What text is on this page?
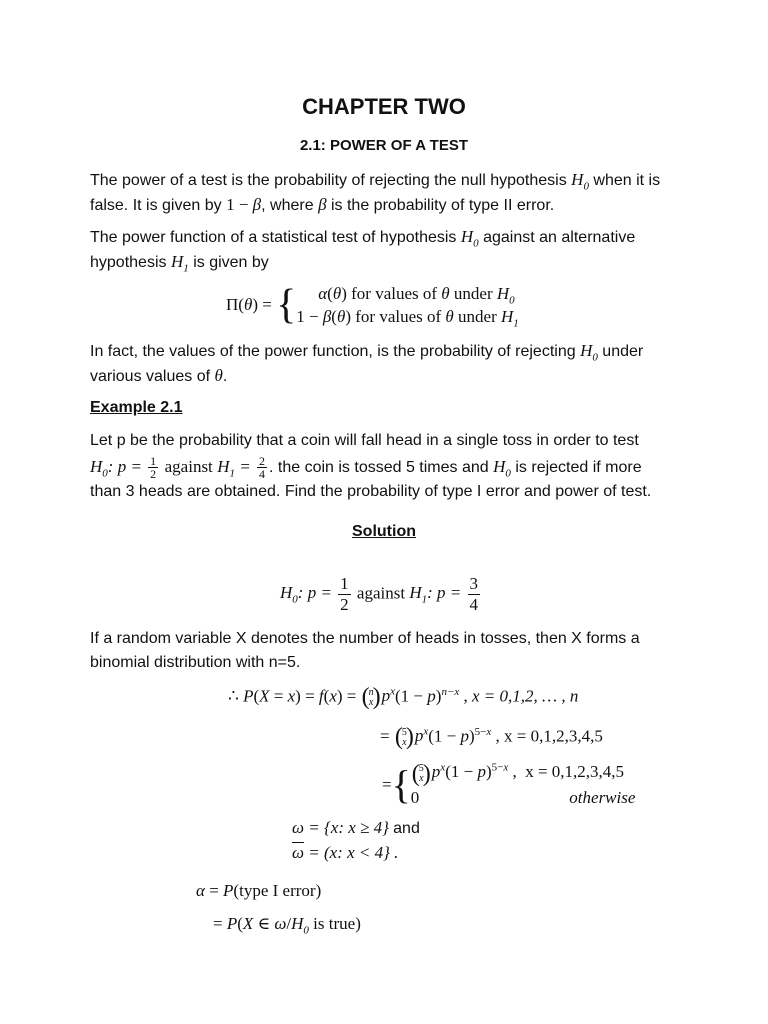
CHAPTER TWO
2.1: POWER OF A TEST
The power of a test is the probability of rejecting the null hypothesis $H_0$ when it is
false. It is given by 1 − β, where β is the probability of type II error.
The power function of a statistical test of hypothesis $H_0$ against an alternative
hypothesis $H_1$ is given by
Π(θ) = {	α(θ) for values of θ under $H_0$
1 − β(θ) for values of θ under $H_1$
In fact, the values of the power function, is the probability of rejecting $H_0$ under
various values of θ.
Example 2.1
Let p be the probability that a coin will fall head in a single toss in order to test
$H_0$: $p = \frac{1}{2}$ against $H_1 = \frac{2}{4}$ . the coin is tossed 5 times and $H_0$ is rejected if more
than 3 heads are obtained. Find the probability of type I error and power of test.
Solution
$H_0$: $p = \frac{1}{2}$ against $H_1$: $p = \frac{3}{4}$
If a random variable X denotes the number of heads in tosses, then X forms a
binomial distribution with n=5.
∴ P(X = x) = f(x) = ( n
x )$p^x(1 - p)^{n-x}$ , x = 0,1,2, … , n
= ( 5
x )$p^x(1 - p)^{5-x}$ , x = 0,1,2,3,4,5
={ ( 5
x )$p^x(1 - p)^{5-x}$ ,  x = 0,1,2,3,4,5
0	otherwise
ω = {x: x ≥ 4} and
$\overline{\omega} = (x$: x < 4} .
α = P(type I error)
= P(X ∈ $\omega/H_0$ is true)
